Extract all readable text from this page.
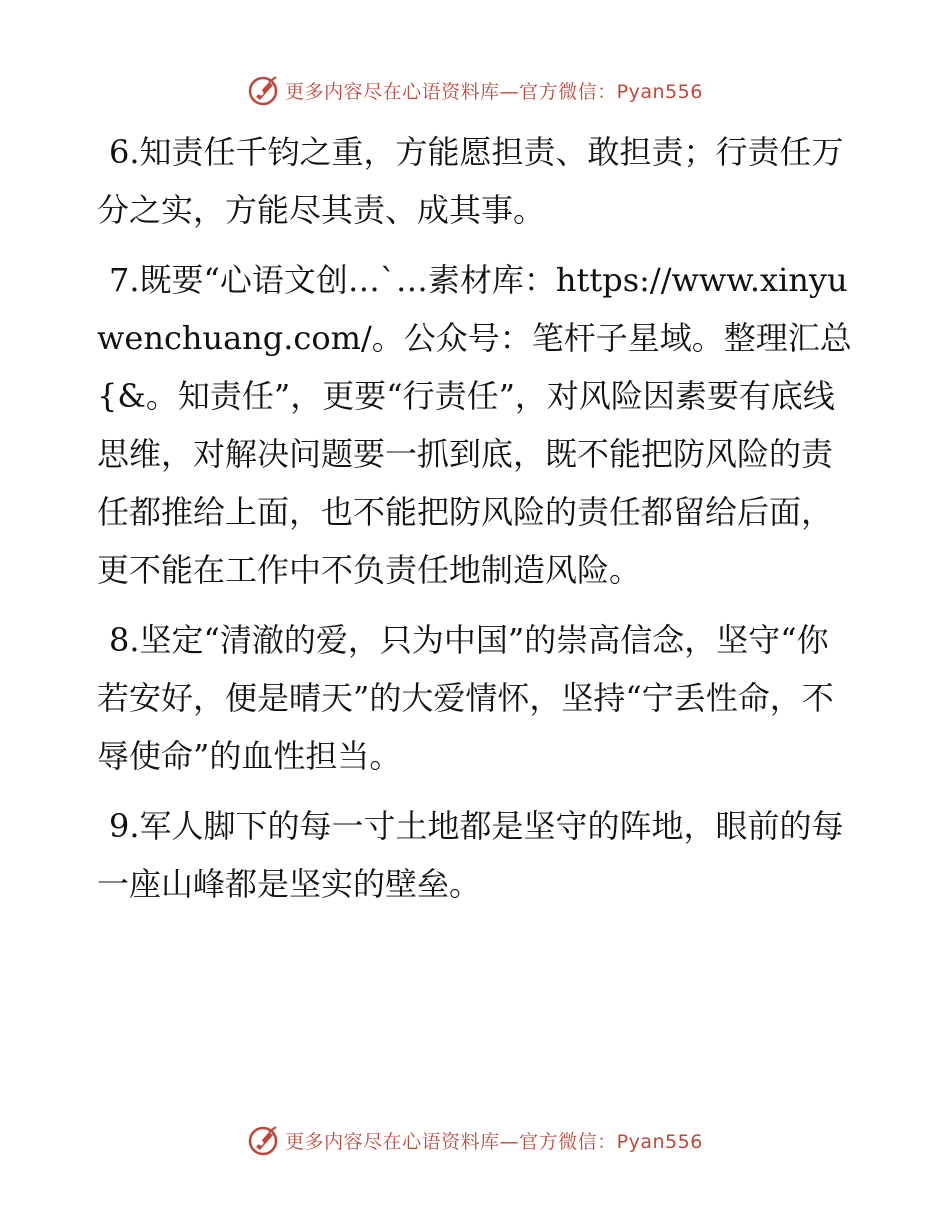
更多内容尽在心语资料库—官方微信：Pyan556

6.知责任千钧之重，方能愿担责、敢担责；行责任万分之实，方能尽其责、成其事。

7.既要“心语文创…`…素材库：https://www.xinyuwenchuang.com/。公众号：笔杆子星域。整理汇总{&。知责任”，更要“行责任”，对风险因素要有底线思维，对解决问题要一抓到底，既不能把防风险的责任都推给上面，也不能把防风险的责任都留给后面，更不能在工作中不负责任地制造风险。

8.坚定“清澈的爱，只为中国”的崇高信念，坚守“你若安好，便是晴天”的大爱情怀，坚持“宁丢性命，不辱使命”的血性担当。

9.军人脚下的每一寸土地都是坚守的阵地，眼前的每一座山峰都是坚实的壁垒。

更多内容尽在心语资料库—官方微信：Pyan556
